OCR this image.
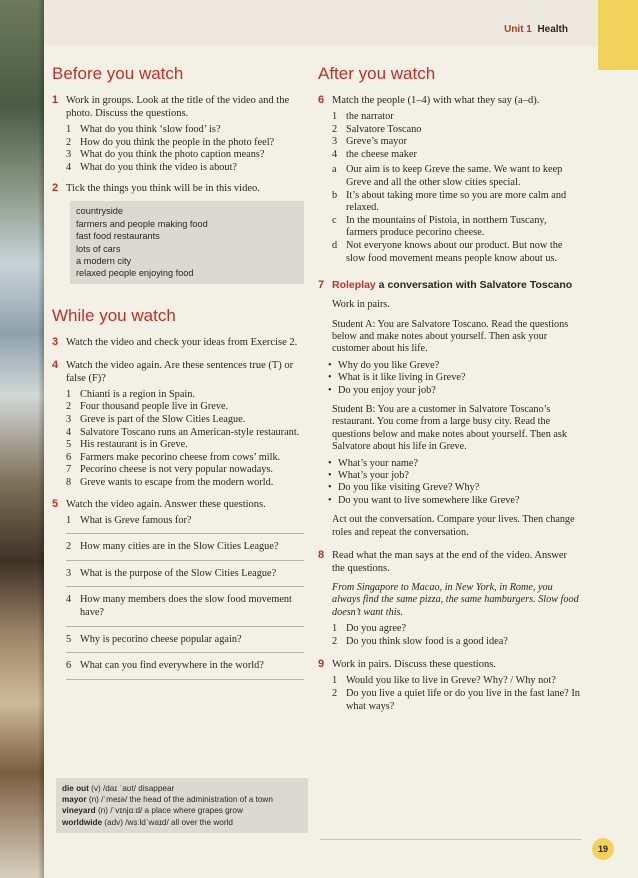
Unit 1 Health
Before you watch
1 Work in groups. Look at the title of the video and the photo. Discuss the questions.
1 What do you think ‘slow food’ is?
2 How do you think the people in the photo feel?
3 What do you think the photo caption means?
4 What do you think the video is about?
2 Tick the things you think will be in this video.
countryside
farmers and people making food
fast food restaurants
lots of cars
a modern city
relaxed people enjoying food
While you watch
3 Watch the video and check your ideas from Exercise 2.
4 Watch the video again. Are these sentences true (T) or false (F)?
1 Chianti is a region in Spain.
2 Four thousand people live in Greve.
3 Greve is part of the Slow Cities League.
4 Salvatore Toscano runs an American-style restaurant.
5 His restaurant is in Greve.
6 Farmers make pecorino cheese from cows’ milk.
7 Pecorino cheese is not very popular nowadays.
8 Greve wants to escape from the modern world.
5 Watch the video again. Answer these questions.
1 What is Greve famous for?
2 How many cities are in the Slow Cities League?
3 What is the purpose of the Slow Cities League?
4 How many members does the slow food movement have?
5 Why is pecorino cheese popular again?
6 What can you find everywhere in the world?
die out (v) /daɪ ˈaʊt/ disappear
mayor (n) /ˈmeɪə/ the head of the administration of a town
vineyard (n) /ˈvɪnjɑːd/ a place where grapes grow
worldwide (adv) /wɜːldˈwaɪd/ all over the world
After you watch
6 Match the people (1–4) with what they say (a–d).
1 the narrator
2 Salvatore Toscano
3 Greve’s mayor
4 the cheese maker
a Our aim is to keep Greve the same. We want to keep Greve and all the other slow cities special.
b It’s about taking more time so you are more calm and relaxed.
c In the mountains of Pistoia, in northern Tuscany, farmers produce pecorino cheese.
d Not everyone knows about our product. But now the slow food movement means people know about us.
7 Roleplay a conversation with Salvatore Toscano
Work in pairs.
Student A: You are Salvatore Toscano. Read the questions below and make notes about yourself. Then ask your customer about his life.
• Why do you like Greve?
• What is it like living in Greve?
• Do you enjoy your job?
Student B: You are a customer in Salvatore Toscano’s restaurant. You come from a large busy city. Read the questions below and make notes about yourself. Then ask Salvatore about his life in Greve.
• What’s your name?
• What’s your job?
• Do you like visiting Greve? Why?
• Do you want to live somewhere like Greve?
Act out the conversation. Compare your lives. Then change roles and repeat the conversation.
8 Read what the man says at the end of the video. Answer the questions.
From Singapore to Macao, in New York, in Rome, you always find the same pizza, the same hamburgers. Slow food doesn’t want this.
1 Do you agree?
2 Do you think slow food is a good idea?
9 Work in pairs. Discuss these questions.
1 Would you like to live in Greve? Why? / Why not?
2 Do you live a quiet life or do you live in the fast lane? In what ways?
19
